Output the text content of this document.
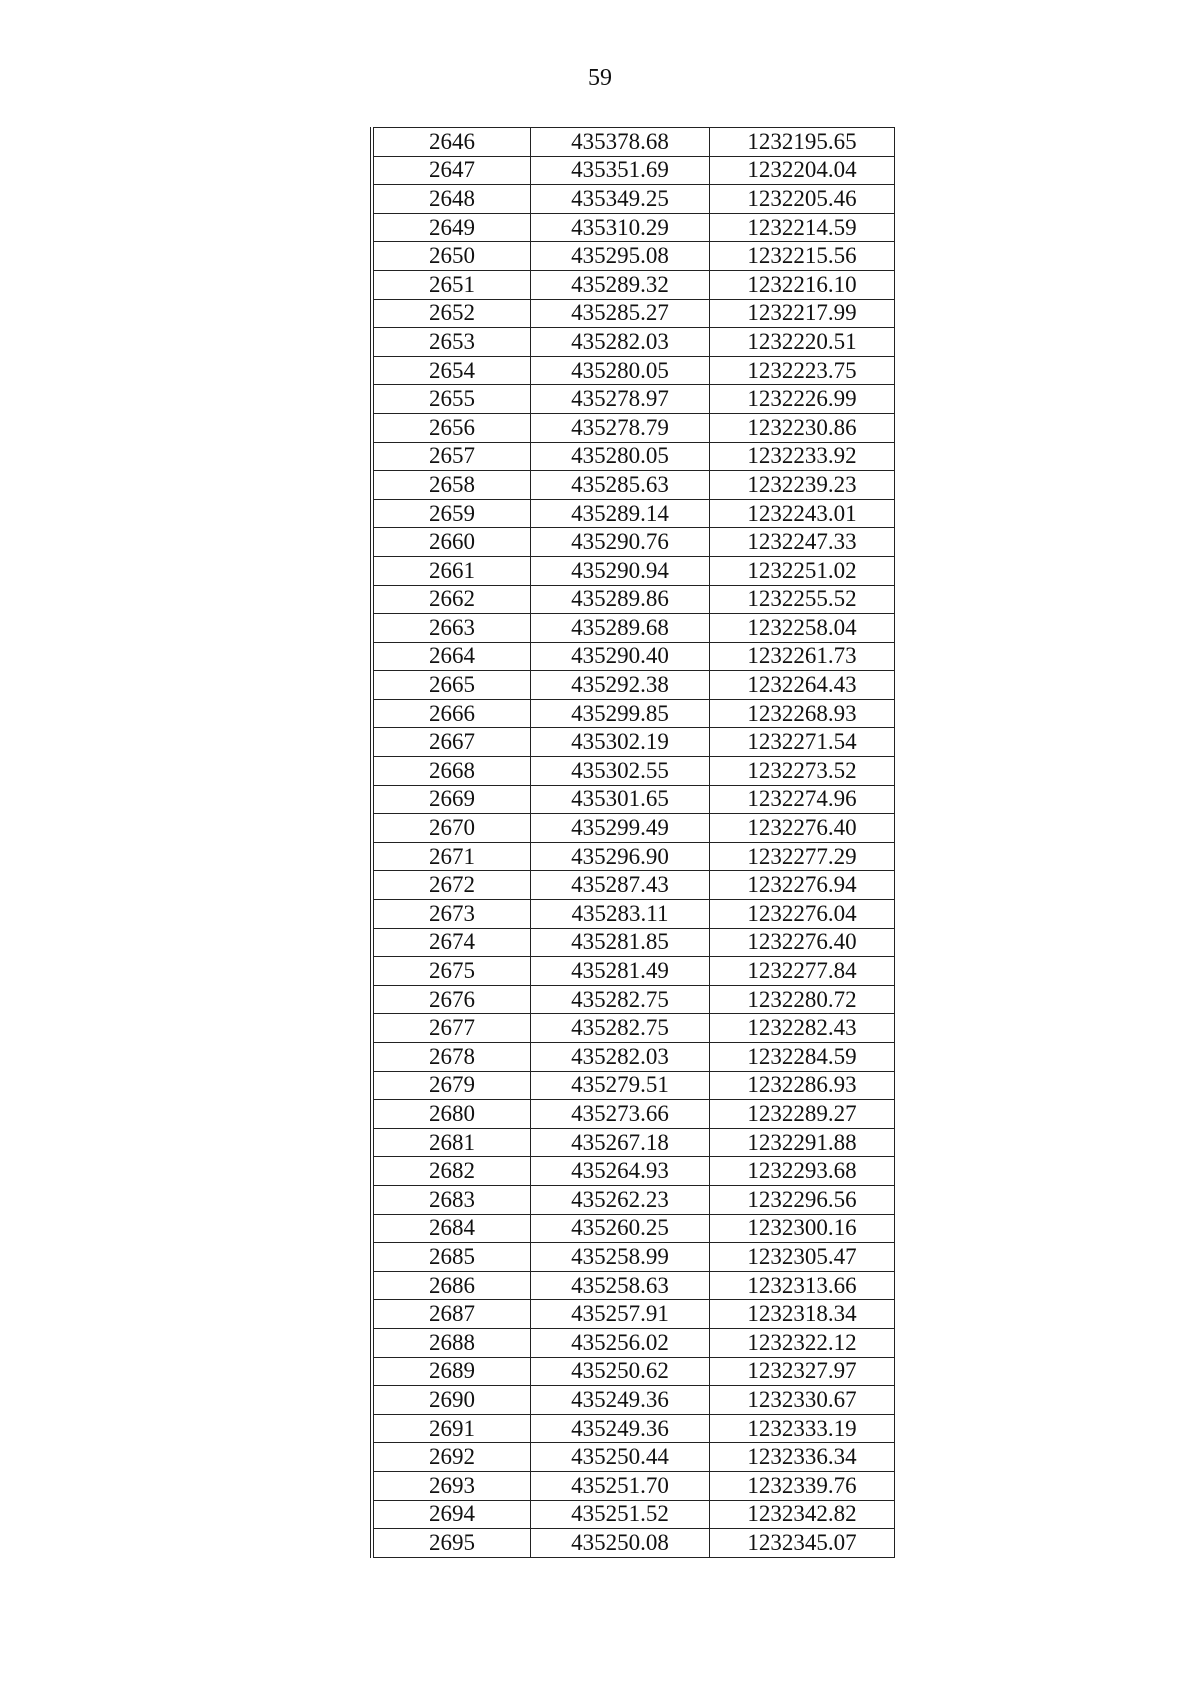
59
2646	435378.68	1232195.65
2647	435351.69	1232204.04
2648	435349.25	1232205.46
2649	435310.29	1232214.59
2650	435295.08	1232215.56
2651	435289.32	1232216.10
2652	435285.27	1232217.99
2653	435282.03	1232220.51
2654	435280.05	1232223.75
2655	435278.97	1232226.99
2656	435278.79	1232230.86
2657	435280.05	1232233.92
2658	435285.63	1232239.23
2659	435289.14	1232243.01
2660	435290.76	1232247.33
2661	435290.94	1232251.02
2662	435289.86	1232255.52
2663	435289.68	1232258.04
2664	435290.40	1232261.73
2665	435292.38	1232264.43
2666	435299.85	1232268.93
2667	435302.19	1232271.54
2668	435302.55	1232273.52
2669	435301.65	1232274.96
2670	435299.49	1232276.40
2671	435296.90	1232277.29
2672	435287.43	1232276.94
2673	435283.11	1232276.04
2674	435281.85	1232276.40
2675	435281.49	1232277.84
2676	435282.75	1232280.72
2677	435282.75	1232282.43
2678	435282.03	1232284.59
2679	435279.51	1232286.93
2680	435273.66	1232289.27
2681	435267.18	1232291.88
2682	435264.93	1232293.68
2683	435262.23	1232296.56
2684	435260.25	1232300.16
2685	435258.99	1232305.47
2686	435258.63	1232313.66
2687	435257.91	1232318.34
2688	435256.02	1232322.12
2689	435250.62	1232327.97
2690	435249.36	1232330.67
2691	435249.36	1232333.19
2692	435250.44	1232336.34
2693	435251.70	1232339.76
2694	435251.52	1232342.82
2695	435250.08	1232345.07
